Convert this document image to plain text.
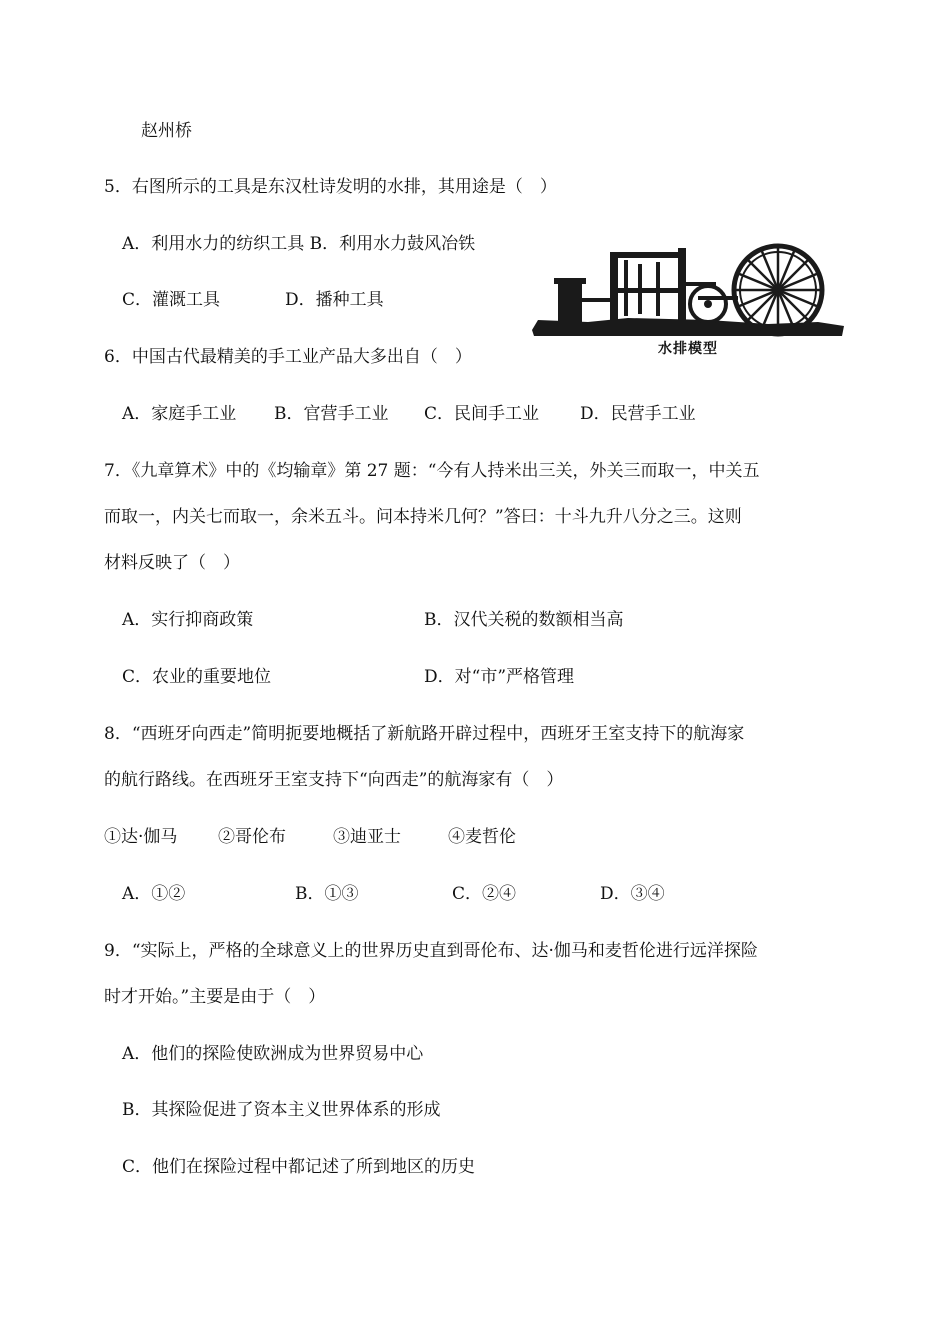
赵州桥
5．右图所示的工具是东汉杜诗发明的水排，其用途是（　）
A．利用水力的纺织工具 B．利用水力鼓风冶铁
C．灌溉工具	D．播种工具
水排模型
6．中国古代最精美的手工业产品大多出自（　）
A．家庭手工业 B．官营手工业 C．民间手工业 D．民营手工业
7．《九章算术》中的《均输章》第 27 题：“今有人持米出三关，外关三而取一，中关五
而取一，内关七而取一，余米五斗。问本持米几何？”答曰：十斗九升八分之三。这则
材料反映了（　）
A．实行抑商政策	B．汉代关税的数额相当高
C．农业的重要地位	D．对“市”严格管理
8．“西班牙向西走”简明扼要地概括了新航路开辟过程中，西班牙王室支持下的航海家
的航行路线。在西班牙王室支持下“向西走”的航海家有（　）
①达·伽马 ②哥伦布	③迪亚士	④麦哲伦
A．①②	B．①③	C．②④	D．③④
9．“实际上，严格的全球意义上的世界历史直到哥伦布、达·伽马和麦哲伦进行远洋探险
时才开始。”主要是由于（　）
A．他们的探险使欧洲成为世界贸易中心
B．其探险促进了资本主义世界体系的形成
C．他们在探险过程中都记述了所到地区的历史
